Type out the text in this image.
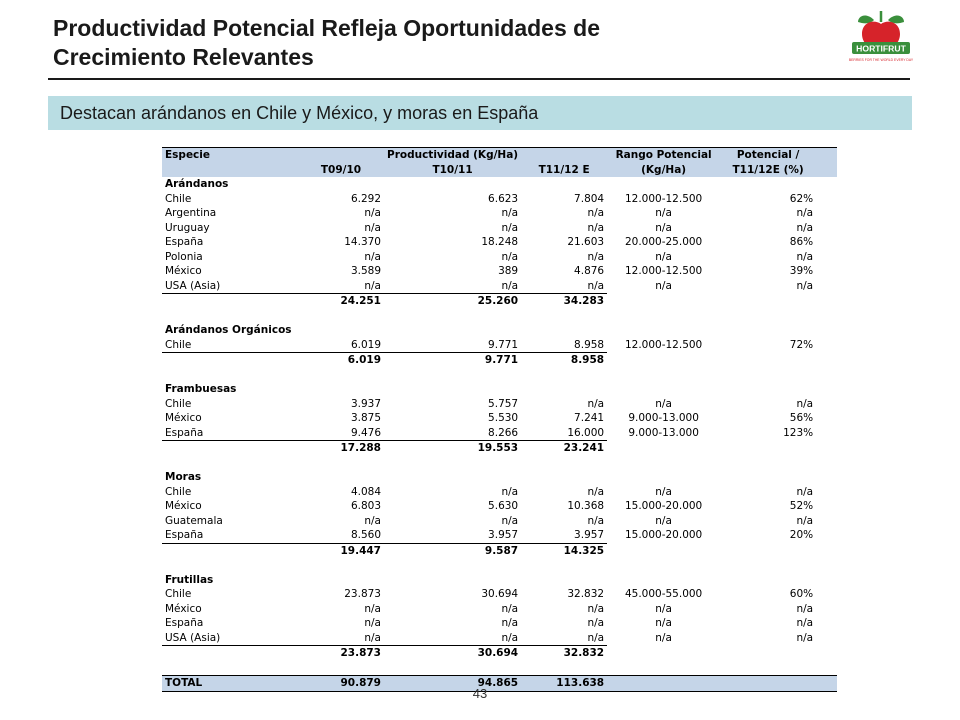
Productividad Potencial Refleja Oportunidades de
Crecimiento Relevantes	HORTIFRUT
BERRIES FOR THE WORLD EVERY DAY
Destacan arándanos en Chile y México, y moras en España
Especie		Productividad (Kg/Ha)		Rango Potencial	Potencial /
	T09/10	T10/11	T11/12 E	(Kg/Ha)	T11/12E (%)
Arándanos					
Chile	6.292	6.623	7.804	12.000-12.500	62%
Argentina	n/a	n/a	n/a	n/a	n/a
Uruguay	n/a	n/a	n/a	n/a	n/a
España	14.370	18.248	21.603	20.000-25.000	86%
Polonia	n/a	n/a	n/a	n/a	n/a
México	3.589	389	4.876	12.000-12.500	39%
USA (Asia)	n/a	n/a	n/a	n/a	n/a
	24.251	25.260	34.283		

Arándanos Orgánicos					
Chile	6.019	9.771	8.958	12.000-12.500	72%
	6.019	9.771	8.958		

Frambuesas					
Chile	3.937	5.757	n/a	n/a	n/a
México	3.875	5.530	7.241	9.000-13.000	56%
España	9.476	8.266	16.000	9.000-13.000	123%
	17.288	19.553	23.241		

Moras					
Chile	4.084	n/a	n/a	n/a	n/a
México	6.803	5.630	10.368	15.000-20.000	52%
Guatemala	n/a	n/a	n/a	n/a	n/a
España	8.560	3.957	3.957	15.000-20.000	20%
	19.447	9.587	14.325		

Frutillas					
Chile	23.873	30.694	32.832	45.000-55.000	60%
México	n/a	n/a	n/a	n/a	n/a
España	n/a	n/a	n/a	n/a	n/a
USA (Asia)	n/a	n/a	n/a	n/a	n/a
	23.873	30.694	32.832		

TOTAL	90.879	94.865	113.638		
43
